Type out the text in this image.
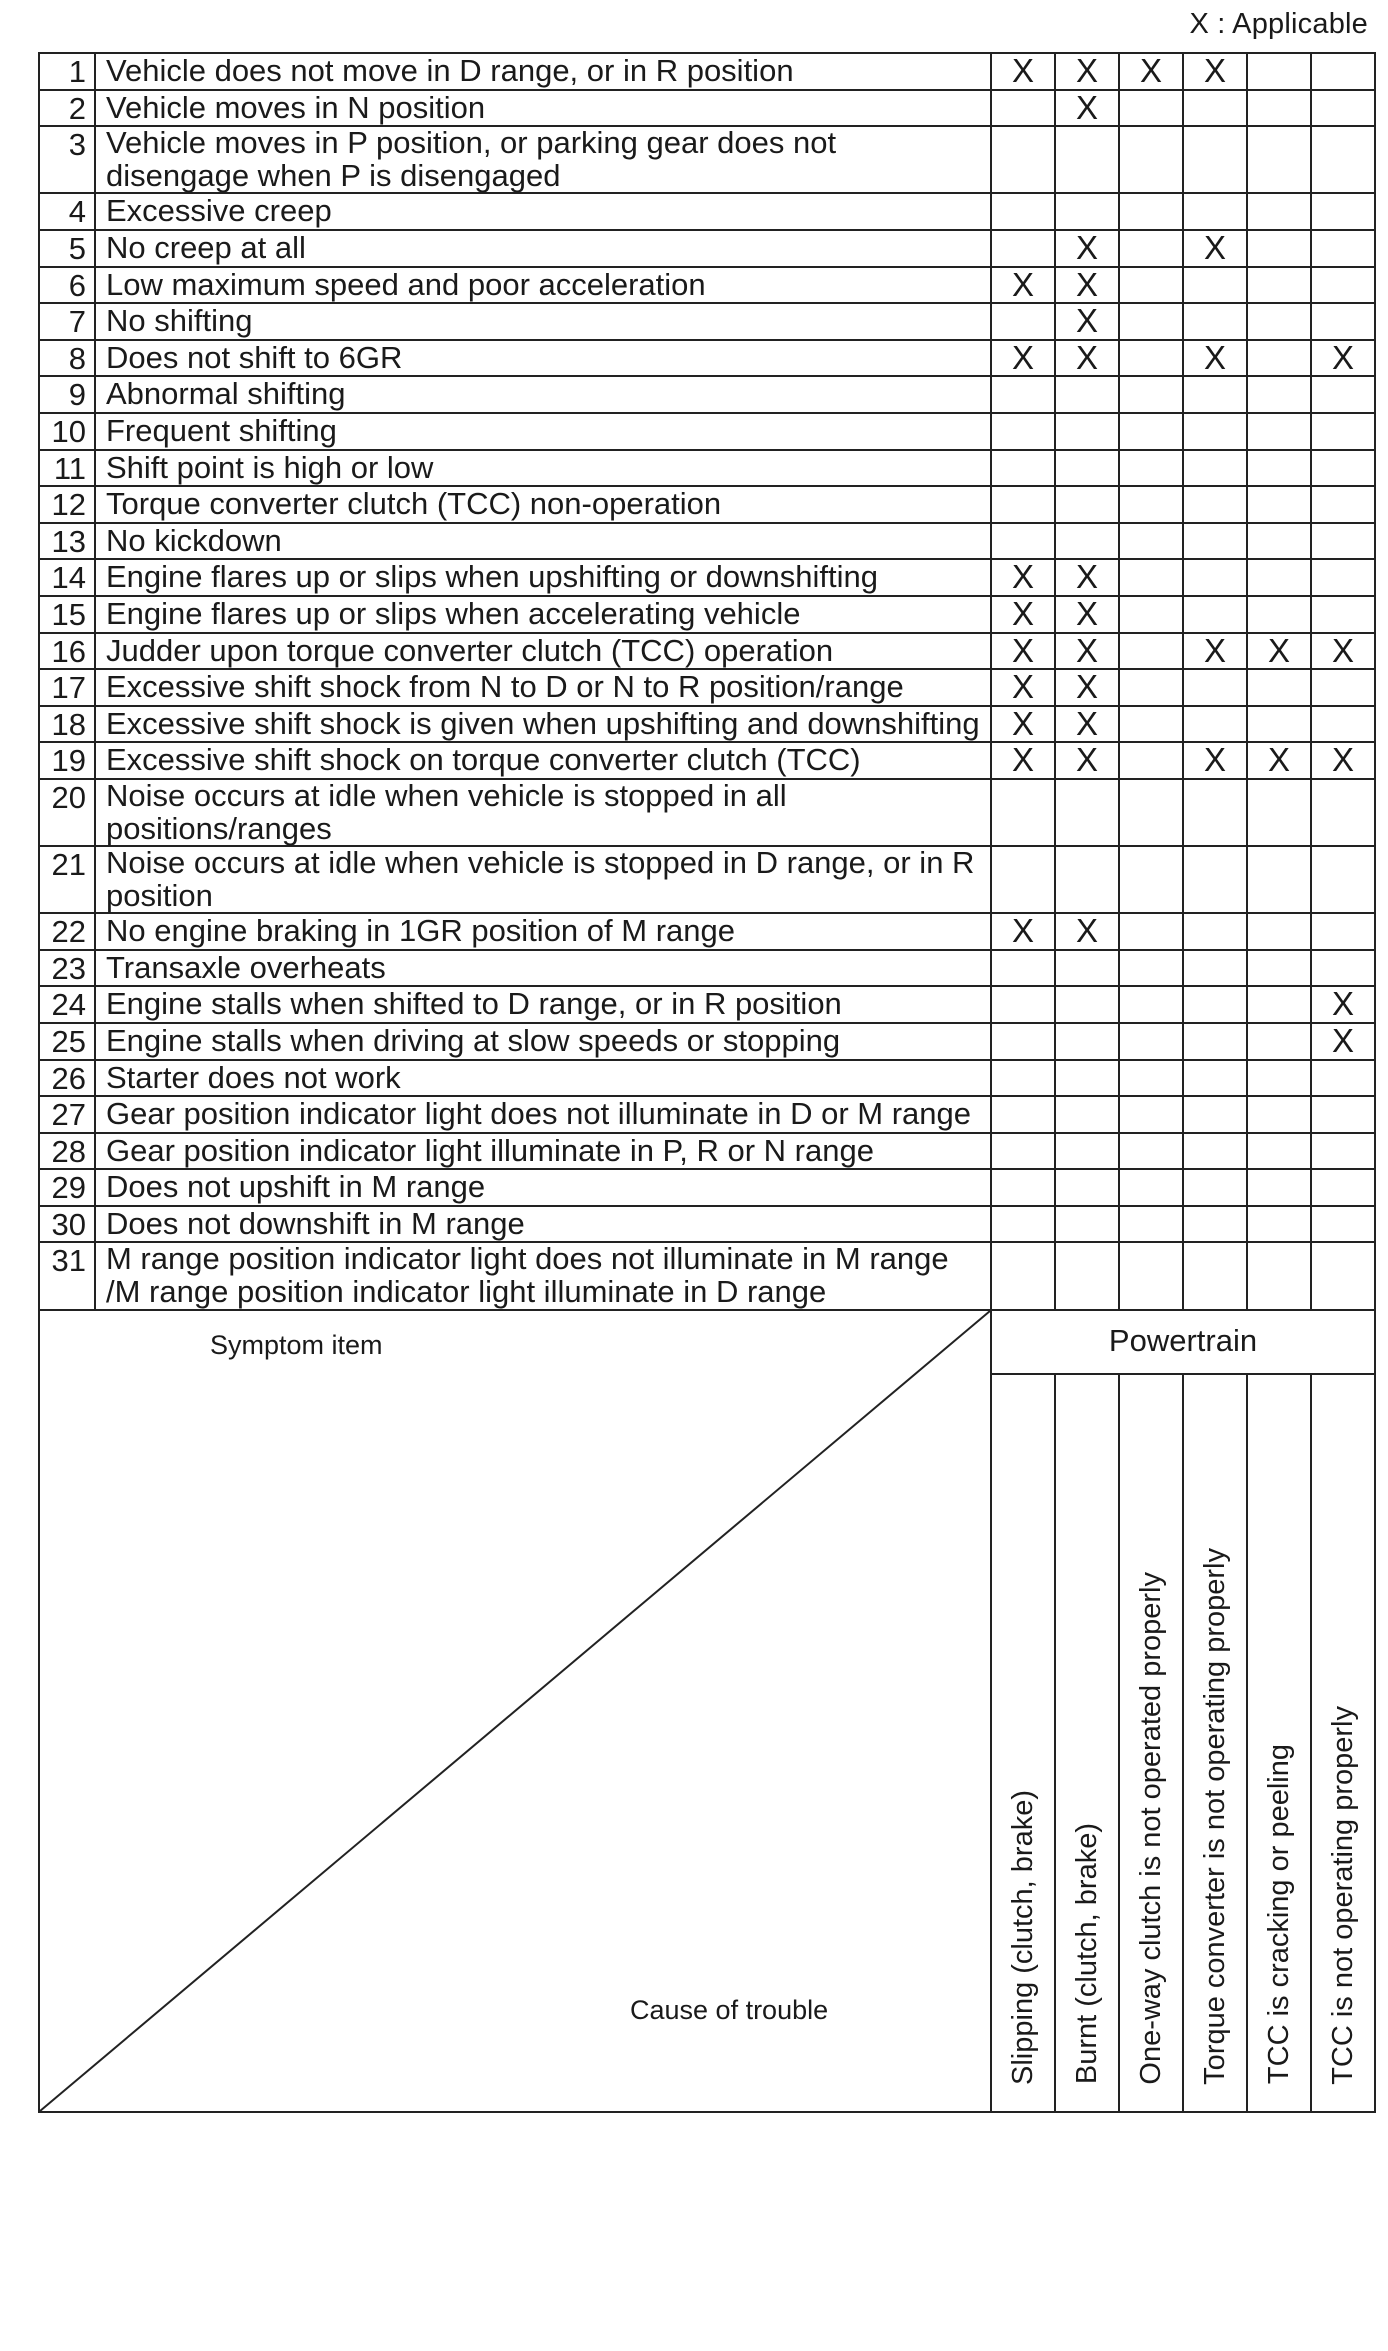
X : Applicable
1	Vehicle does not move in D range, or in R position	X	X	X	X		
2	Vehicle moves in N position		X				
3	Vehicle moves in P position, or parking gear does not disengage when P is disengaged						
4	Excessive creep						
5	No creep at all		X		X		
6	Low maximum speed and poor acceleration	X	X				
7	No shifting		X				
8	Does not shift to 6GR	X	X		X		X
9	Abnormal shifting						
10	Frequent shifting						
11	Shift point is high or low						
12	Torque converter clutch (TCC) non-operation						
13	No kickdown						
14	Engine flares up or slips when upshifting or downshifting	X	X				
15	Engine flares up or slips when accelerating vehicle	X	X				
16	Judder upon torque converter clutch (TCC) operation	X	X		X	X	X
17	Excessive shift shock from N to D or N to R position/range	X	X				
18	Excessive shift shock is given when upshifting and downshifting	X	X				
19	Excessive shift shock on torque converter clutch (TCC)	X	X		X	X	X
20	Noise occurs at idle when vehicle is stopped in all positions/ranges						
21	Noise occurs at idle when vehicle is stopped in D range, or in R position						
22	No engine braking in 1GR position of M range	X	X				
23	Transaxle overheats						
24	Engine stalls when shifted to D range, or in R position						X
25	Engine stalls when driving at slow speeds or stopping						X
26	Starter does not work						
27	Gear position indicator light does not illuminate in D or M range						
28	Gear position indicator light illuminate in P, R or N range						
29	Does not upshift in M range						
30	Does not downshift in M range						
31	M range position indicator light does not illuminate in M range /M range position indicator light illuminate in D range						

Symptom item
Cause of trouble		Powertrain					

		Slipping (clutch, brake)	Burnt (clutch, brake)	One-way clutch is not operated properly	Torque converter is not operating properly	TCC is cracking or peeling	TCC is not operating properly
